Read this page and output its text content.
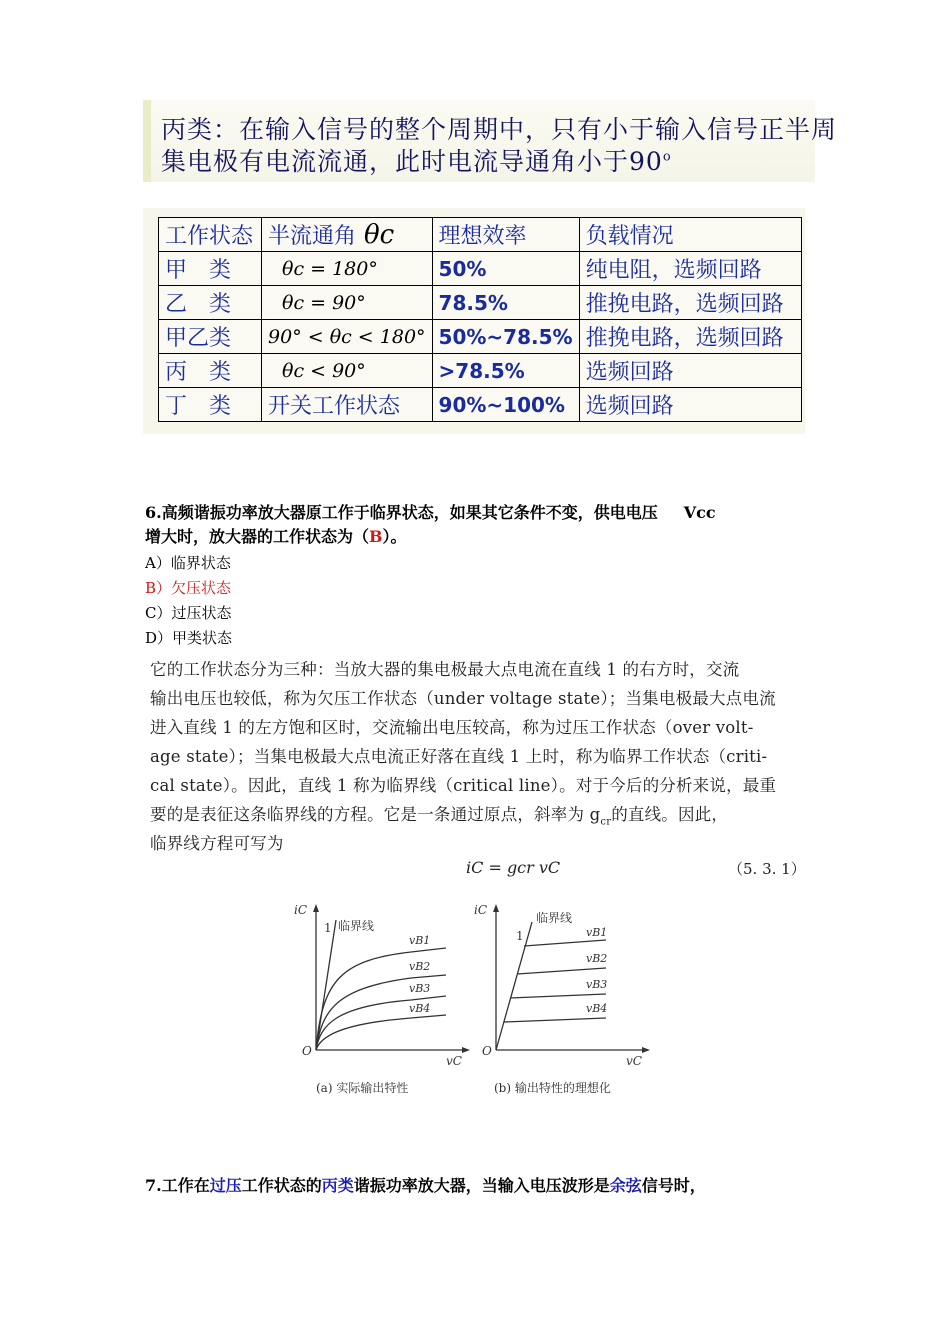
丙类：在输入信号的整个周期中，只有小于输入信号正半周
集电极有电流流通，此时电流导通角小于90$^o$
工作状态	半流通角 θc	理想效率	负载情况
甲　类	θc = 180°	50%	纯电阻，选频回路
乙　类	θc = 90°	78.5%	推挽电路，选频回路
甲乙类	90° < θc < 180°	50%~78.5%	推挽电路，选频回路
丙　类	θc < 90°	>78.5%	选频回路
丁　类	开关工作状态	90%~100%	选频回路
6.高频谐振功率放大器原工作于临界状态，如果其它条件不变，供电电压 Vcc
增大时，放大器的工作状态为（B）。
A）临界状态
B）欠压状态
C）过压状态
D）甲类状态
它的工作状态分为三种：当放大器的集电极最大点电流在直线 1 的右方时，交流
输出电压也较低，称为欠压工作状态（under voltage state）；当集电极最大点电流
进入直线 1 的左方饱和区时，交流输出电压较高，称为过压工作状态（over volt-
age state）；当集电极最大点电流正好落在直线 1 上时，称为临界工作状态（criti-
cal state）。因此，直线 1 称为临界线（critical line）。对于今后的分析来说，最重
要的是表征这条临界线的方程。它是一条通过原点，斜率为 $g_{cr}$的直线。因此，
临界线方程可写为
iC = gcr vC	（5. 3. 1）
iC
vC
O
1 临界线
vB1
vB2
vB3
vB4
(a) 实际输出特性
iC
vC
O
1
临界线
vB1
vB2
vB3
vB4
(b) 输出特性的理想化
7.工作在过压工作状态的丙类谐振功率放大器，当输入电压波形是余弦信号时，
